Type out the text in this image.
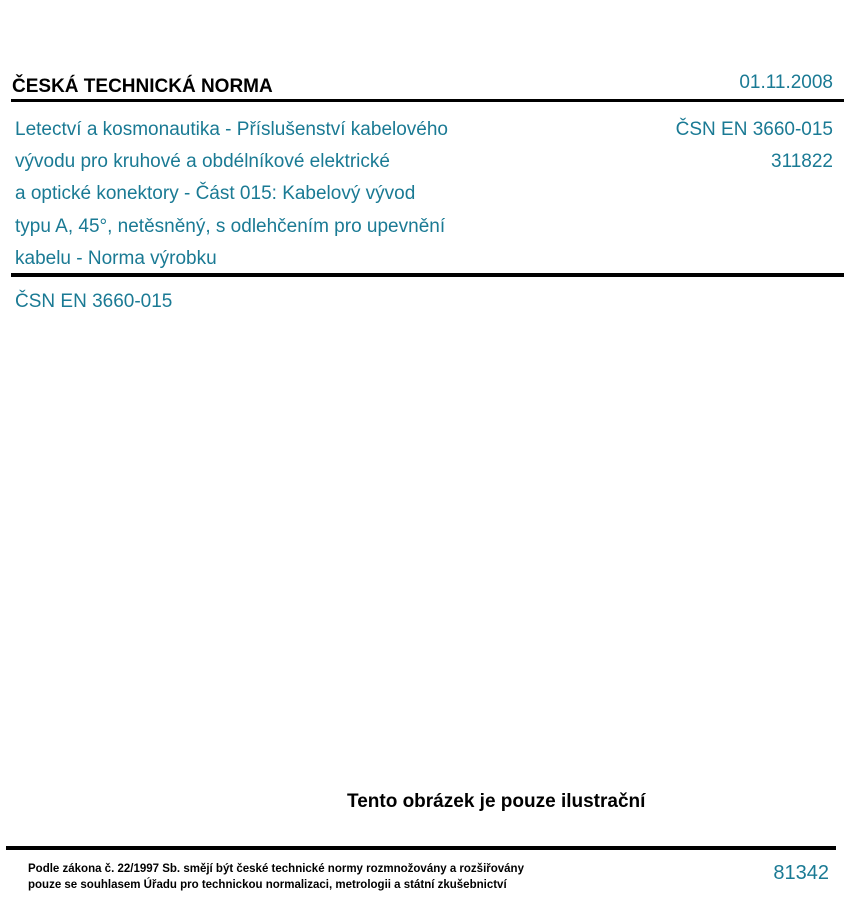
ČESKÁ TECHNICKÁ NORMA	01.11.2008
Letectví a kosmonautika - Příslušenství kabelového
vývodu pro kruhové a obdélníkové elektrické
a optické konektory - Část 015: Kabelový vývod
typu A, 45°, netěsněný, s odlehčením pro upevnění
kabelu - Norma výrobku
ČSN EN 3660-015
311822
ČSN EN 3660-015
Tento obrázek je pouze ilustrační
Podle zákona č. 22/1997 Sb. smějí být české technické normy rozmnožovány a rozšiřovány
pouze se souhlasem Úřadu pro technickou normalizaci, metrologii a státní zkušebnictví
81342
